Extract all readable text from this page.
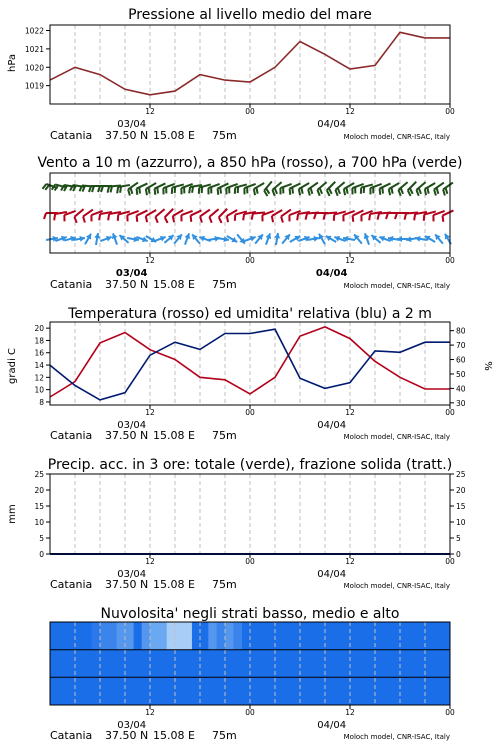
Pressione al livello medio del mare
hPa
1019
1020
1021
1022
12	00	12	00
03/04	04/04
Catania 37.50 N 15.08 E 75m	Moloch model, CNR-ISAC, Italy
Vento a 10 m (azzurro), a 850 hPa (rosso), a 700 hPa (verde)
12	00	12	00
03/04	04/04
Catania 37.50 N 15.08 E 75m	Moloch model, CNR-ISAC, Italy
Temperatura (rosso) ed umidita' relativa (blu) a 2 m
gradi C	%
8
10
12
14
16
18
20
30
40
50
60
70
80
12	00	12	00
03/04	04/04
Catania 37.50 N 15.08 E 75m	Moloch model, CNR-ISAC, Italy
Precip. acc. in 3 ore: totale (verde), frazione solida (tratt.)
mm
0
5
10
15
20
25
0
5
10
15
20
25
12	00	12	00
03/04	04/04
Catania 37.50 N 15.08 E 75m	Moloch model, CNR-ISAC, Italy
Nuvolosita' negli strati basso, medio e alto
12	00	12	00
03/04	04/04
Catania 37.50 N 15.08 E 75m	Moloch model, CNR-ISAC, Italy
